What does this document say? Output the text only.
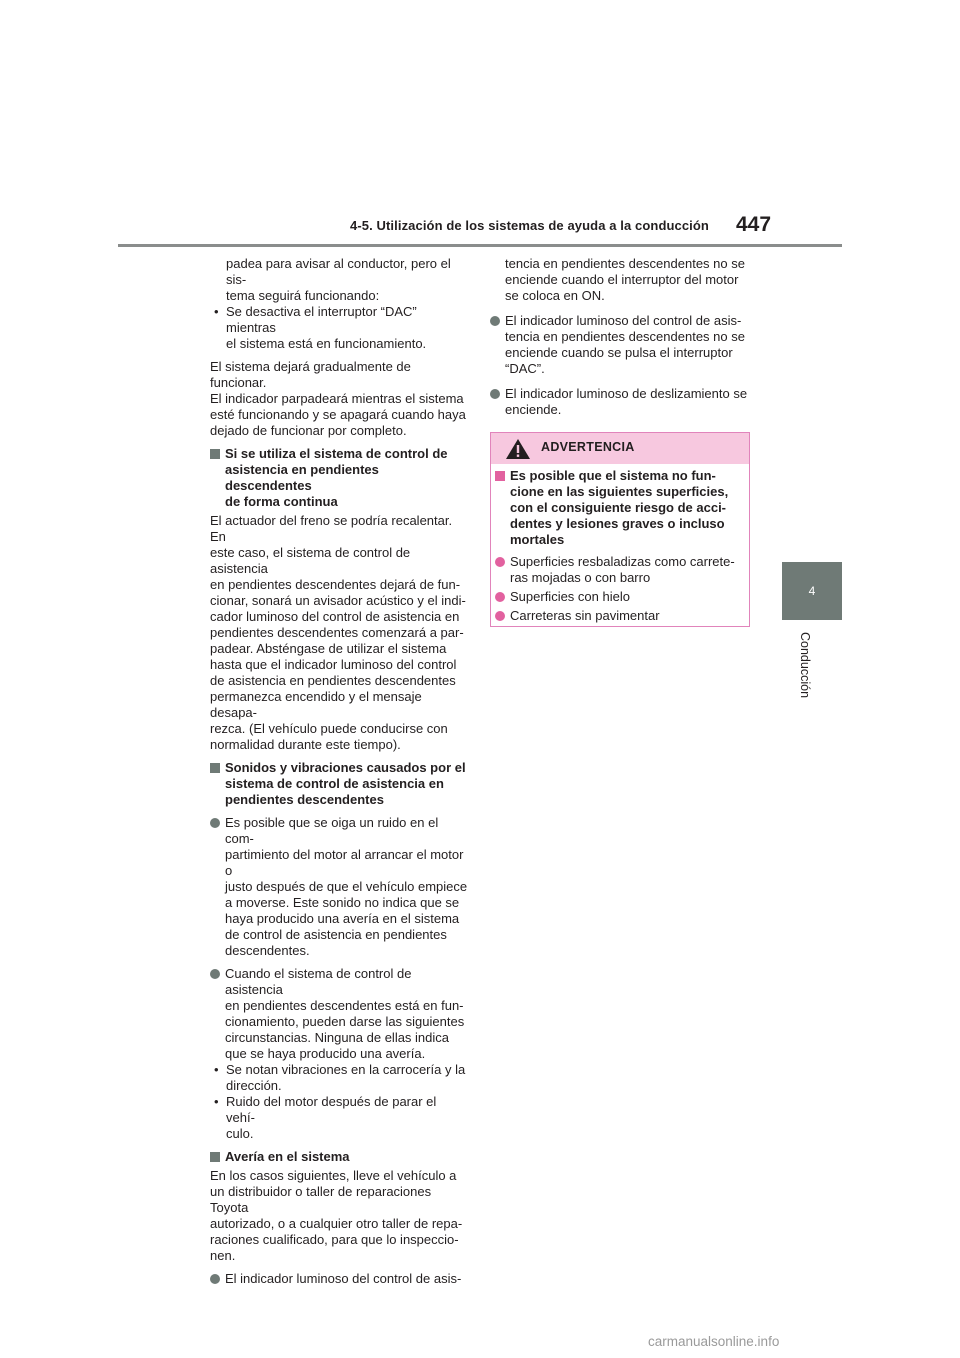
4-5. Utilización de los sistemas de ayuda a la conducción 447
4
Conducción
padea para avisar al conductor, pero el sis-
tema seguirá funcionando:
• Se desactiva el interruptor “DAC” mientras
el sistema está en funcionamiento.
El sistema dejará gradualmente de funcionar.
El indicador parpadeará mientras el sistema
esté funcionando y se apagará cuando haya
dejado de funcionar por completo.
Si se utiliza el sistema de control de
asistencia en pendientes descendentes
de forma continua
El actuador del freno se podría recalentar. En
este caso, el sistema de control de asistencia
en pendientes descendentes dejará de fun-
cionar, sonará un avisador acústico y el indi-
cador luminoso del control de asistencia en
pendientes descendentes comenzará a par-
padear. Absténgase de utilizar el sistema
hasta que el indicador luminoso del control
de asistencia en pendientes descendentes
permanezca encendido y el mensaje desapa-
rezca. (El vehículo puede conducirse con
normalidad durante este tiempo).
Sonidos y vibraciones causados por el
sistema de control de asistencia en
pendientes descendentes
Es posible que se oiga un ruido en el com-
partimiento del motor al arrancar el motor o
justo después de que el vehículo empiece
a moverse. Este sonido no indica que se
haya producido una avería en el sistema
de control de asistencia en pendientes
descendentes.
Cuando el sistema de control de asistencia
en pendientes descendentes está en fun-
cionamiento, pueden darse las siguientes
circunstancias. Ninguna de ellas indica
que se haya producido una avería.
• Se notan vibraciones en la carrocería y la
dirección.
• Ruido del motor después de parar el vehí-
culo.
Avería en el sistema
En los casos siguientes, lleve el vehículo a
un distribuidor o taller de reparaciones Toyota
autorizado, o a cualquier otro taller de repa-
raciones cualificado, para que lo inspeccio-
nen.
El indicador luminoso del control de asis-
tencia en pendientes descendentes no se
enciende cuando el interruptor del motor
se coloca en ON.
El indicador luminoso del control de asis-
tencia en pendientes descendentes no se
enciende cuando se pulsa el interruptor
“DAC”.
El indicador luminoso de deslizamiento se
enciende.
ADVERTENCIA
Es posible que el sistema no fun-
cione en las siguientes superficies,
con el consiguiente riesgo de acci-
dentes y lesiones graves o incluso
mortales
Superficies resbaladizas como carrete-
ras mojadas o con barro
Superficies con hielo
Carreteras sin pavimentar
carmanualsonline.info
